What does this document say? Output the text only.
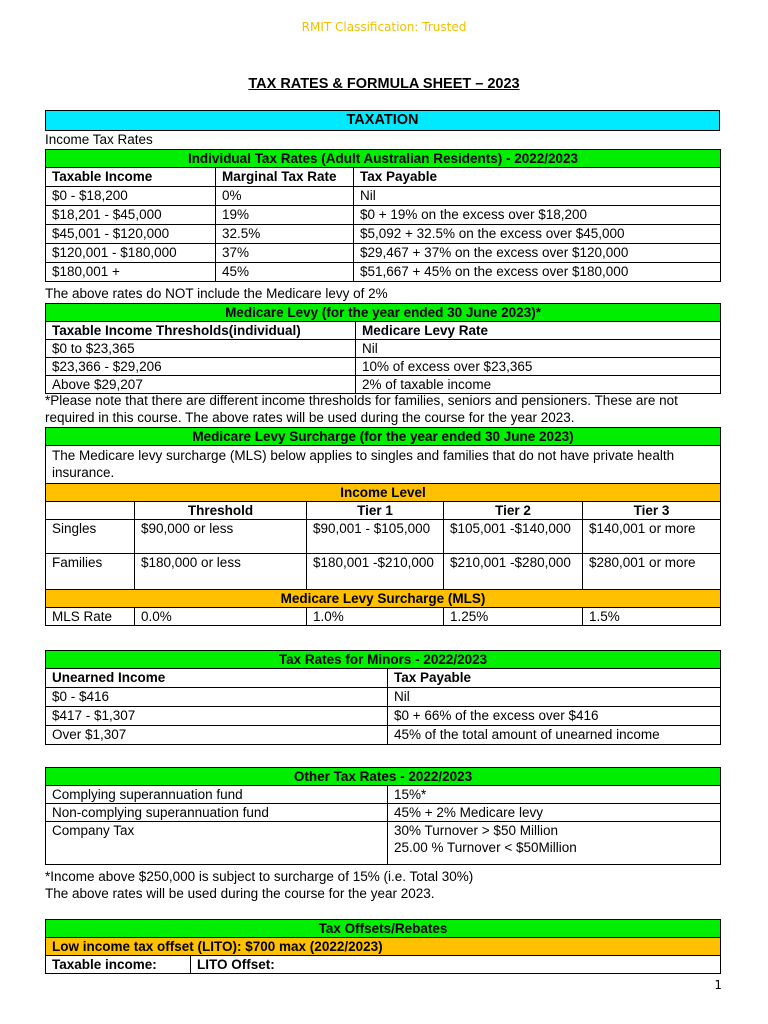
RMIT Classification: Trusted
TAX RATES & FORMULA SHEET – 2023
TAXATION
Income Tax Rates
Individual Tax Rates (Adult Australian Residents) - 2022/2023		
Taxable Income	Marginal Tax Rate	Tax Payable
$0 - $18,200	0%	Nil
$18,201 - $45,000	19%	$0 + 19% on the excess over $18,200
$45,001 - $120,000	32.5%	$5,092 + 32.5% on the excess over $45,000
$120,001 - $180,000	37%	$29,467 + 37% on the excess over $120,000
$180,001 +	45%	$51,667 + 45% on the excess over $180,000
The above rates do NOT include the Medicare levy of 2%
Medicare Levy (for the year ended 30 June 2023)*	
Taxable Income Thresholds(individual)	Medicare Levy Rate
$0 to $23,365	Nil
$23,366 - $29,206	10% of excess over $23,365
Above $29,207	2% of taxable income
*Please note that there are different income thresholds for families, seniors and pensioners. These are not
required in this course. The above rates will be used during the course for the year 2023.
Medicare Levy Surcharge (for the year ended 30 June 2023)				
The Medicare levy surcharge (MLS) below applies to singles and families that do not have private health insurance.				
Income Level				
	Threshold	Tier 1	Tier 2	Tier 3
Singles	$90,000 or less	$90,001 - $105,000	$105,001 -$140,000	$140,001 or more
Families	$180,000 or less	$180,001 -$210,000	$210,001 -$280,000	$280,001 or more
Medicare Levy Surcharge (MLS)				
MLS Rate	0.0%	1.0%	1.25%	1.5%
Tax Rates for Minors - 2022/2023	
Unearned Income	Tax Payable
$0 - $416	Nil
$417 - $1,307	$0 + 66% of the excess over $416
Over $1,307	45% of the total amount of unearned income
Other Tax Rates - 2022/2023	
Complying superannuation fund	15%*
Non-complying superannuation fund	45% + 2% Medicare levy
Company Tax	30% Turnover > $50 Million
25.00 % Turnover < $50Million
*Income above $250,000 is subject to surcharge of 15% (i.e. Total 30%)
The above rates will be used during the course for the year 2023.
Tax Offsets/Rebates
Low income tax offset (LITO): $700 max (2022/2023)
Taxable income:	LITO Offset:
1
